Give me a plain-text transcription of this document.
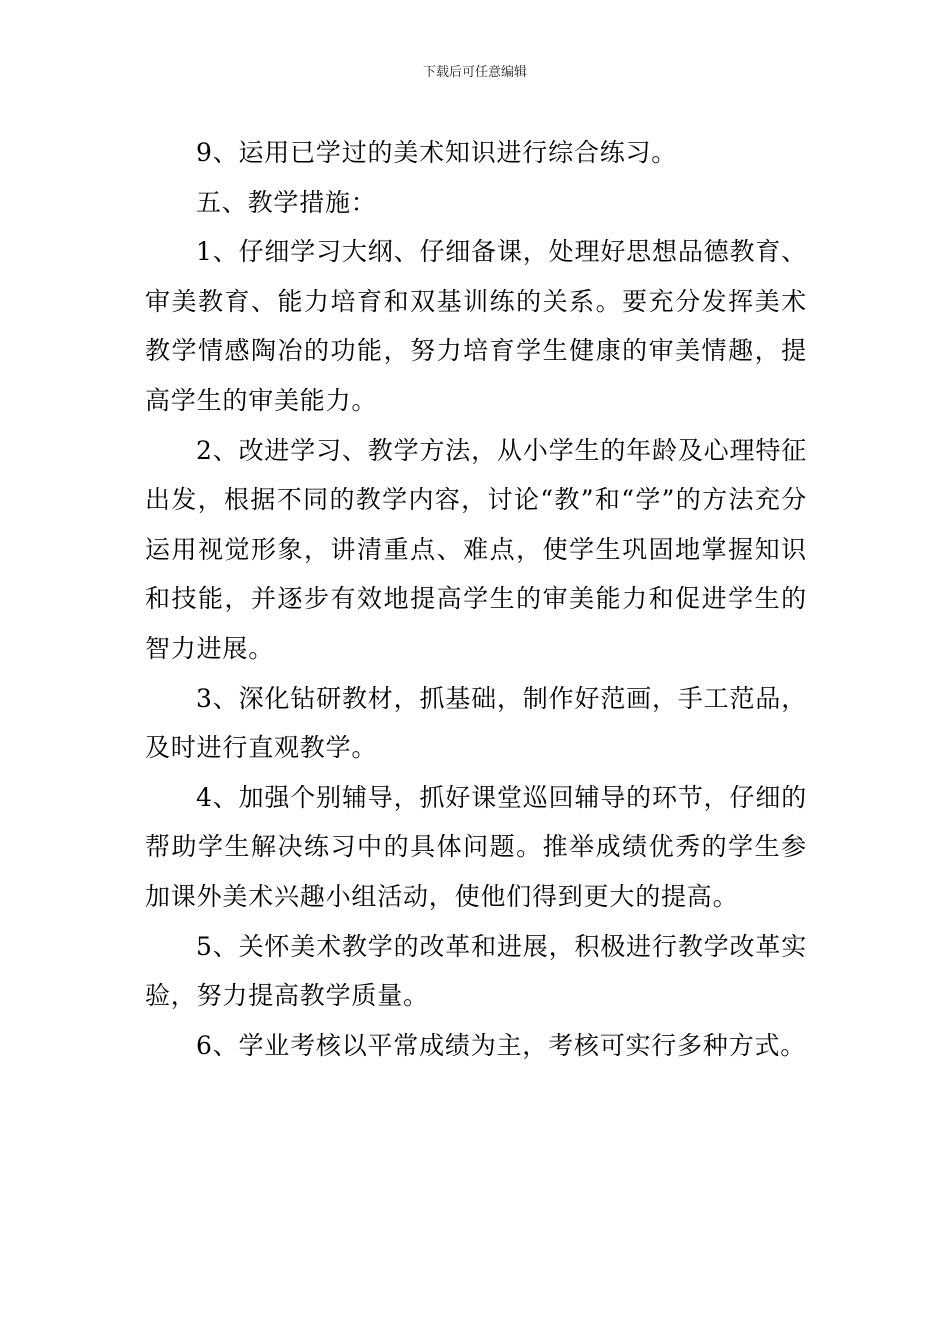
下载后可任意编辑

9、运用已学过的美术知识进行综合练习。

五、教学措施：

1、仔细学习大纲、仔细备课，处理好思想品德教育、审美教育、能力培育和双基训练的关系。要充分发挥美术教学情感陶冶的功能，努力培育学生健康的审美情趣，提高学生的审美能力。

2、改进学习、教学方法，从小学生的年龄及心理特征出发，根据不同的教学内容，讨论“教”和“学”的方法充分运用视觉形象，讲清重点、难点，使学生巩固地掌握知识和技能，并逐步有效地提高学生的审美能力和促进学生的智力进展。

3、深化钻研教材，抓基础，制作好范画，手工范品，及时进行直观教学。

4、加强个别辅导，抓好课堂巡回辅导的环节，仔细的帮助学生解决练习中的具体问题。推举成绩优秀的学生参加课外美术兴趣小组活动，使他们得到更大的提高。

5、关怀美术教学的改革和进展，积极进行教学改革实验，努力提高教学质量。

6、学业考核以平常成绩为主，考核可实行多种方式。
